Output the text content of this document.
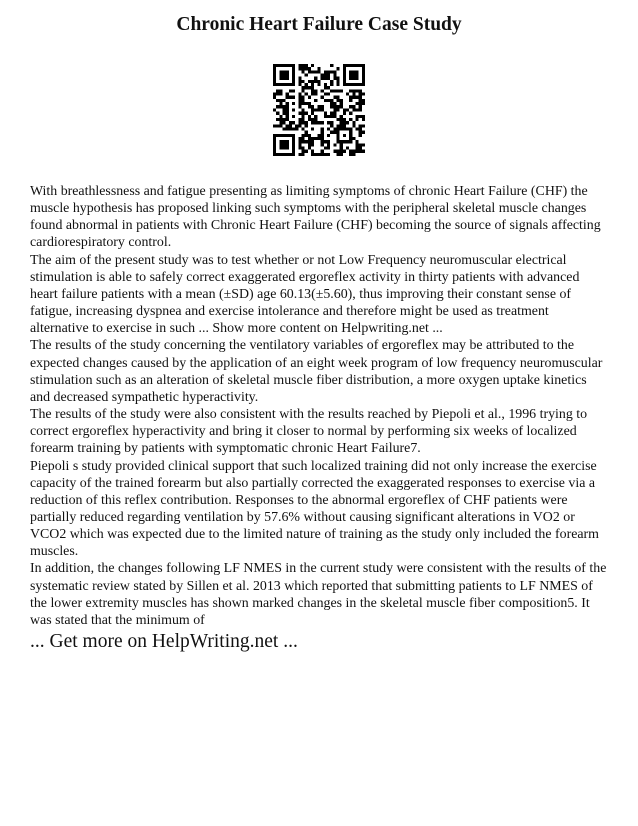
Chronic Heart Failure Case Study

With breathlessness and fatigue presenting as limiting symptoms of chronic Heart Failure (CHF) the muscle hypothesis has proposed linking such symptoms with the peripheral skeletal muscle changes found abnormal in patients with Chronic Heart Failure (CHF) becoming the source of signals affecting cardiorespiratory control.

The aim of the present study was to test whether or not Low Frequency neuromuscular electrical stimulation is able to safely correct exaggerated ergoreflex activity in thirty patients with advanced heart failure patients with a mean (±SD) age 60.13(±5.60), thus improving their constant sense of fatigue, increasing dyspnea and exercise intolerance and therefore might be used as treatment alternative to exercise in such ... Show more content on Helpwriting.net ...

The results of the study concerning the ventilatory variables of ergoreflex may be attributed to the expected changes caused by the application of an eight week program of low frequency neuromuscular stimulation such as an alteration of skeletal muscle fiber distribution, a more oxygen uptake kinetics and decreased sympathetic hyperactivity.

The results of the study were also consistent with the results reached by Piepoli et al., 1996 trying to correct ergoreflex hyperactivity and bring it closer to normal by performing six weeks of localized forearm training by patients with symptomatic chronic Heart Failure7.

Piepoli s study provided clinical support that such localized training did not only increase the exercise capacity of the trained forearm but also partially corrected the exaggerated responses to exercise via a reduction of this reflex contribution. Responses to the abnormal ergoreflex of CHF patients were partially reduced regarding ventilation by 57.6% without causing significant alterations in VO2 or VCO2 which was expected due to the limited nature of training as the study only included the forearm muscles.

In addition, the changes following LF NMES in the current study were consistent with the results of the systematic review stated by Sillen et al. 2013 which reported that submitting patients to LF NMES of the lower extremity muscles has shown marked changes in the skeletal muscle fiber composition5. It was stated that the minimum of

... Get more on HelpWriting.net ...
